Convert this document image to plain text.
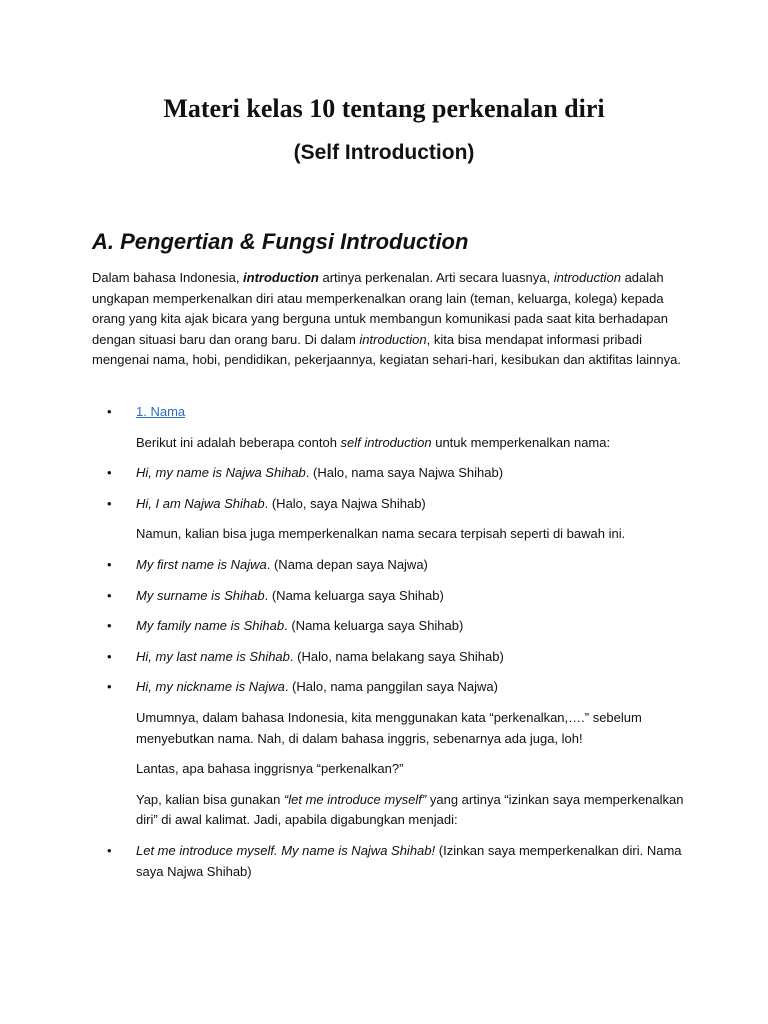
Materi kelas 10 tentang perkenalan diri
(Self Introduction)
A. Pengertian & Fungsi Introduction

Dalam bahasa Indonesia, introduction artinya perkenalan. Arti secara luasnya, introduction adalah ungkapan memperkenalkan diri atau memperkenalkan orang lain (teman, keluarga, kolega) kepada orang yang kita ajak bicara yang berguna untuk membangun komunikasi pada saat kita berhadapan dengan situasi baru dan orang baru. Di dalam introduction, kita bisa mendapat informasi pribadi mengenai nama, hobi, pendidikan, pekerjaannya, kegiatan sehari-hari, kesibukan dan aktifitas lainnya.

• 1. Nama
Berikut ini adalah beberapa contoh self introduction untuk memperkenalkan nama:
• Hi, my name is Najwa Shihab. (Halo, nama saya Najwa Shihab)
• Hi, I am Najwa Shihab. (Halo, saya Najwa Shihab)
Namun, kalian bisa juga memperkenalkan nama secara terpisah seperti di bawah ini.
• My first name is Najwa. (Nama depan saya Najwa)
• My surname is Shihab. (Nama keluarga saya Shihab)
• My family name is Shihab. (Nama keluarga saya Shihab)
• Hi, my last name is Shihab. (Halo, nama belakang saya Shihab)
• Hi, my nickname is Najwa. (Halo, nama panggilan saya Najwa)
Umumnya, dalam bahasa Indonesia, kita menggunakan kata “perkenalkan,….” sebelum menyebutkan nama. Nah, di dalam bahasa inggris, sebenarnya ada juga, loh!
Lantas, apa bahasa inggrisnya “perkenalkan?”
Yap, kalian bisa gunakan “let me introduce myself” yang artinya “izinkan saya memperkenalkan diri” di awal kalimat. Jadi, apabila digabungkan menjadi:
• Let me introduce myself. My name is Najwa Shihab! (Izinkan saya memperkenalkan diri. Nama saya Najwa Shihab)
